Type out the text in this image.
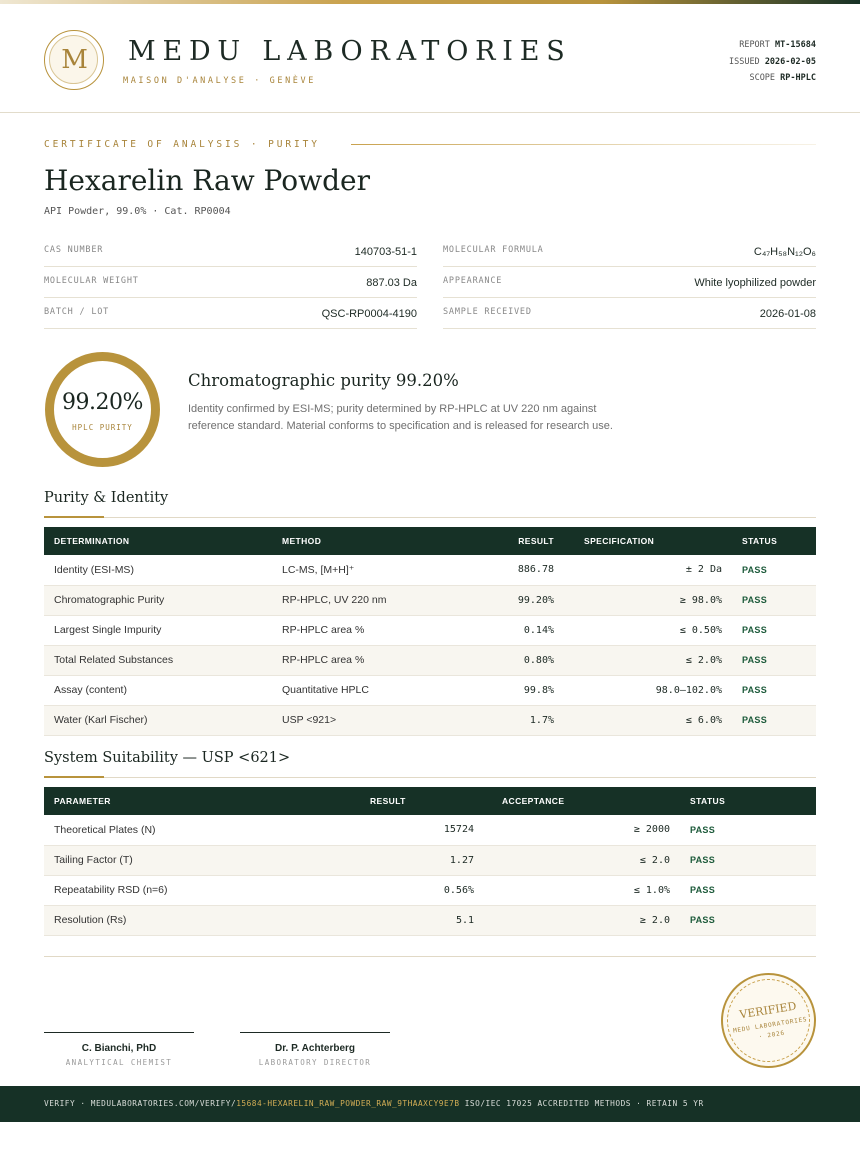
M	MEDU LABORATORIES
MAISON D'ANALYSE · GENÈVE
REPORT MT-15684
ISSUED 2026-02-05
SCOPE RP-HPLC
CERTIFICATE OF ANALYSIS · PURITY
Hexarelin Raw Powder
API Powder, 99.0% · Cat. RP0004
CAS NUMBER	140703-51-1
MOLECULAR WEIGHT	887.03 Da
BATCH / LOT	QSC-RP0004-4190
MOLECULAR FORMULA	C₄₇H₅₈N₁₂O₆
APPEARANCE	White lyophilized powder
SAMPLE RECEIVED	2026-01-08
99.20%
HPLC PURITY
Chromatographic purity 99.20%
Identity confirmed by ESI-MS; purity determined by RP-HPLC at UV 220 nm against reference standard. Material conforms to specification and is released for research use.
Purity & Identity
DETERMINATION	METHOD	RESULT	SPECIFICATION	STATUS
Identity (ESI-MS)	LC-MS, [M+H]⁺	886.78	± 2 Da	PASS
Chromatographic Purity	RP-HPLC, UV 220 nm	99.20%	≥ 98.0%	PASS
Largest Single Impurity	RP-HPLC area %	0.14%	≤ 0.50%	PASS
Total Related Substances	RP-HPLC area %	0.80%	≤ 2.0%	PASS
Assay (content)	Quantitative HPLC	99.8%	98.0–102.0%	PASS
Water (Karl Fischer)	USP <921>	1.7%	≤ 6.0%	PASS
System Suitability — USP <621>
PARAMETER	RESULT	ACCEPTANCE	STATUS
Theoretical Plates (N)	15724	≥ 2000	PASS
Tailing Factor (T)	1.27	≤ 2.0	PASS
Repeatability RSD (n=6)	0.56%	≤ 1.0%	PASS
Resolution (Rs)	5.1	≥ 2.0	PASS
C. Bianchi, PhD
ANALYTICAL CHEMIST
Dr. P. Achterberg
LABORATORY DIRECTOR
VERIFIED
MEDU LABORATORIES · 2026
VERIFY · MEDULABORATORIES.COM/VERIFY/15684-HEXARELIN_RAW_POWDER_RAW_9THAAXCY9E7B ISO/IEC 17025 ACCREDITED METHODS · RETAIN 5 YR
